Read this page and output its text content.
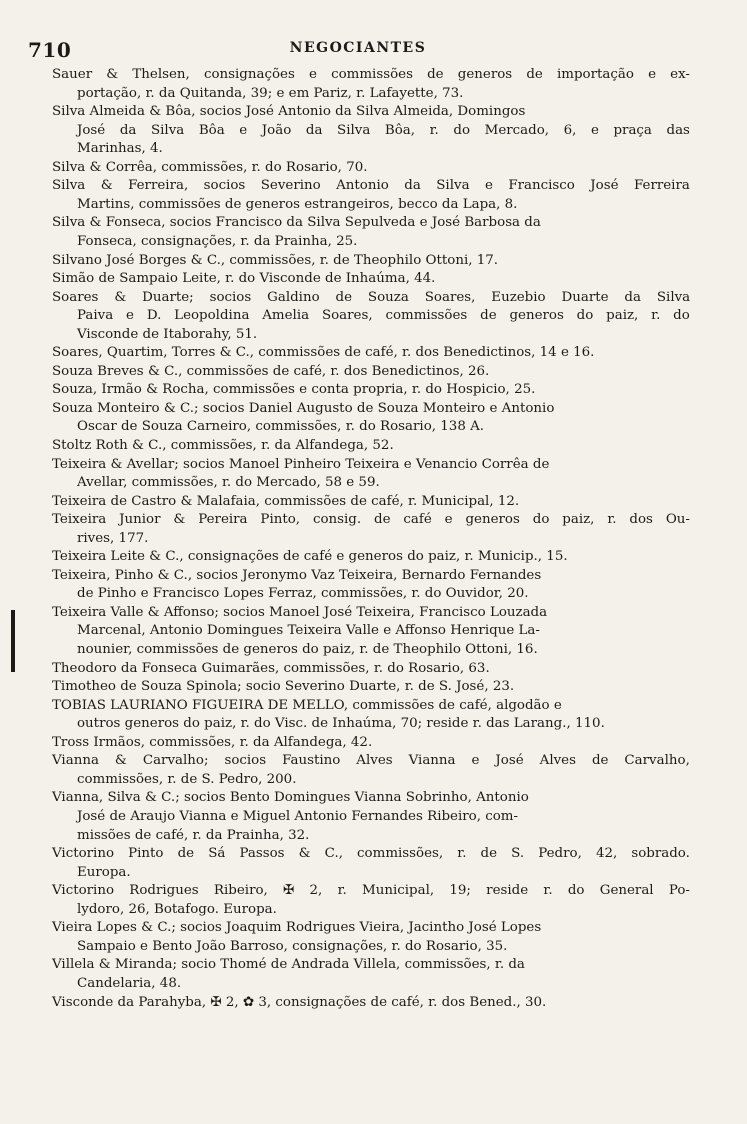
710	NEGOCIANTES
Sauer & Thelsen, consignações e commissões de generos de importação e ex-
portação, r. da Quitanda, 39; e em Pariz, r. Lafayette, 73.
Silva Almeida & Bôa, socios José Antonio da Silva Almeida, Domingos
José da Silva Bôa e João da Silva Bôa, r. do Mercado, 6, e praça das
Marinhas, 4.
Silva & Corrêa, commissões, r. do Rosario, 70.
Silva & Ferreira, socios Severino Antonio da Silva e Francisco José Ferreira
Martins, commissões de generos estrangeiros, becco da Lapa, 8.
Silva & Fonseca, socios Francisco da Silva Sepulveda e José Barbosa da
Fonseca, consignações, r. da Prainha, 25.
Silvano José Borges & C., commissões, r. de Theophilo Ottoni, 17.
Simão de Sampaio Leite, r. do Visconde de Inhaúma, 44.
Soares & Duarte; socios Galdino de Souza Soares, Euzebio Duarte da Silva
Paiva e D. Leopoldina Amelia Soares, commissões de generos do paiz, r. do
Visconde de Itaborahy, 51.
Soares, Quartim, Torres & C., commissões de café, r. dos Benedictinos, 14 e 16.
Souza Breves & C., commissões de café, r. dos Benedictinos, 26.
Souza, Irmão & Rocha, commissões e conta propria, r. do Hospicio, 25.
Souza Monteiro & C.; socios Daniel Augusto de Souza Monteiro e Antonio
Oscar de Souza Carneiro, commissões, r. do Rosario, 138 A.
Stoltz Roth & C., commissões, r. da Alfandega, 52.
Teixeira & Avellar; socios Manoel Pinheiro Teixeira e Venancio Corrêa de
Avellar, commissões, r. do Mercado, 58 e 59.
Teixeira de Castro & Malafaia, commissões de café, r. Municipal, 12.
Teixeira Junior & Pereira Pinto, consig. de café e generos do paiz, r. dos Ou-
rives, 177.
Teixeira Leite & C., consignações de café e generos do paiz, r. Municip., 15.
Teixeira, Pinho & C., socios Jeronymo Vaz Teixeira, Bernardo Fernandes
de Pinho e Francisco Lopes Ferraz, commissões, r. do Ouvidor, 20.
Teixeira Valle & Affonso; socios Manoel José Teixeira, Francisco Louzada
Marcenal, Antonio Domingues Teixeira Valle e Affonso Henrique La-
nounier, commissões de generos do paiz, r. de Theophilo Ottoni, 16.
Theodoro da Fonseca Guimarães, commissões, r. do Rosario, 63.
Timotheo de Souza Spinola; socio Severino Duarte, r. de S. José, 23.
TOBIAS LAURIANO FIGUEIRA DE MELLO, commissões de café, algodão e
outros generos do paiz, r. do Visc. de Inhaúma, 70; reside r. das Larang., 110.
Tross Irmãos, commissões, r. da Alfandega, 42.
Vianna & Carvalho; socios Faustino Alves Vianna e José Alves de Carvalho,
commissões, r. de S. Pedro, 200.
Vianna, Silva & C.; socios Bento Domingues Vianna Sobrinho, Antonio
José de Araujo Vianna e Miguel Antonio Fernandes Ribeiro, com-
missões de café, r. da Prainha, 32.
Victorino Pinto de Sá Passos & C., commissões, r. de S. Pedro, 42, sobrado.
Europa.
Victorino Rodrigues Ribeiro, ✠ 2, r. Municipal, 19; reside r. do General Po-
lydoro, 26, Botafogo. Europa.
Vieira Lopes & C.; socios Joaquim Rodrigues Vieira, Jacintho José Lopes
Sampaio e Bento João Barroso, consignações, r. do Rosario, 35.
Villela & Miranda; socio Thomé de Andrada Villela, commissões, r. da
Candelaria, 48.
Visconde da Parahyba, ✠ 2, ✿ 3, consignações de café, r. dos Bened., 30.
